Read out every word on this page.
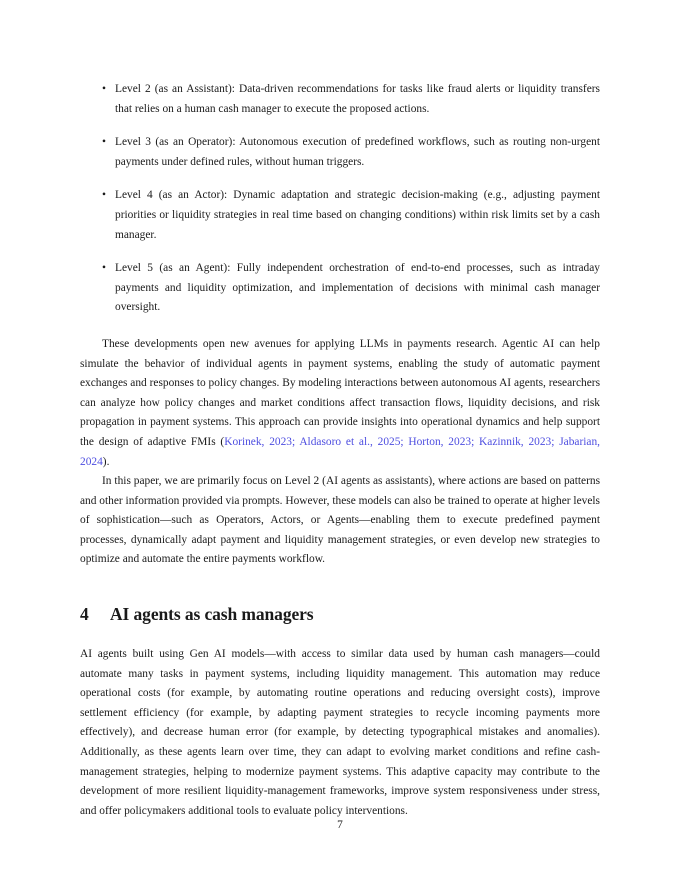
• Level 2 (as an Assistant): Data-driven recommendations for tasks like fraud alerts or liquidity transfers that relies on a human cash manager to execute the proposed actions.
• Level 3 (as an Operator): Autonomous execution of predefined workflows, such as routing non-urgent payments under defined rules, without human triggers.
• Level 4 (as an Actor): Dynamic adaptation and strategic decision-making (e.g., adjusting payment priorities or liquidity strategies in real time based on changing conditions) within risk limits set by a cash manager.
• Level 5 (as an Agent): Fully independent orchestration of end-to-end processes, such as intraday payments and liquidity optimization, and implementation of decisions with minimal cash manager oversight.

These developments open new avenues for applying LLMs in payments research. Agentic AI can help simulate the behavior of individual agents in payment systems, enabling the study of automatic payment exchanges and responses to policy changes. By modeling interactions between autonomous AI agents, researchers can analyze how policy changes and market conditions affect transaction flows, liquidity decisions, and risk propagation in payment systems. This approach can provide insights into operational dynamics and help support the design of adaptive FMIs (Korinek, 2023; Aldasoro et al., 2025; Horton, 2023; Kazinnik, 2023; Jabarian, 2024).

In this paper, we are primarily focus on Level 2 (AI agents as assistants), where actions are based on patterns and other information provided via prompts. However, these models can also be trained to operate at higher levels of sophistication—such as Operators, Actors, or Agents—enabling them to execute predefined payment processes, dynamically adapt payment and liquidity management strategies, or even develop new strategies to optimize and automate the entire payments workflow.

4	AI agents as cash managers

AI agents built using Gen AI models—with access to similar data used by human cash managers—could automate many tasks in payment systems, including liquidity management. This automation may reduce operational costs (for example, by automating routine operations and reducing oversight costs), improve settlement efficiency (for example, by adapting payment strategies to recycle incoming payments more effectively), and decrease human error (for example, by detecting typographical mistakes and anomalies). Additionally, as these agents learn over time, they can adapt to evolving market conditions and refine cash-management strategies, helping to modernize payment systems. This adaptive capacity may contribute to the development of more resilient liquidity-management frameworks, improve system responsiveness under stress, and offer policymakers additional tools to evaluate policy interventions.

7
